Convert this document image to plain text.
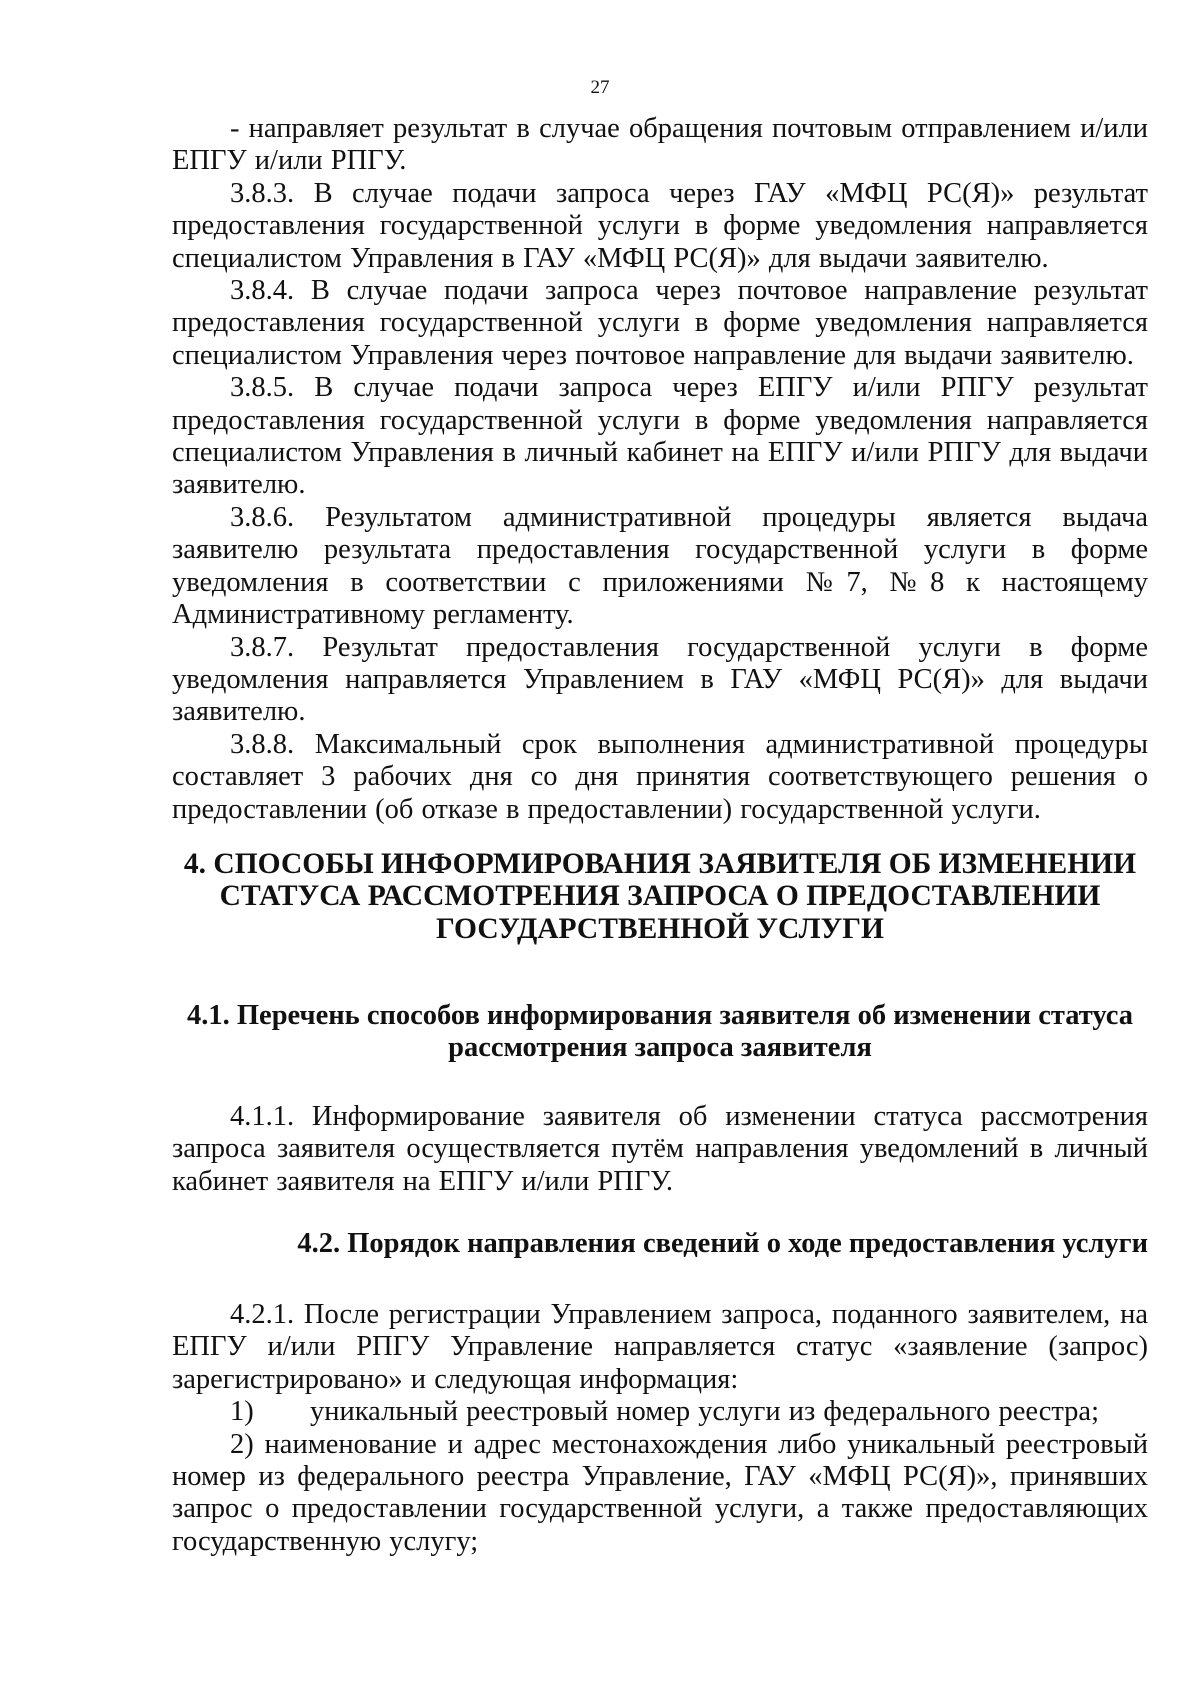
27

- направляет результат в случае обращения почтовым отправлением и/или ЕПГУ и/или РПГУ.

3.8.3. В случае подачи запроса через ГАУ «МФЦ РС(Я)» результат предоставления государственной услуги в форме уведомления направляется специалистом Управления в ГАУ «МФЦ РС(Я)» для выдачи заявителю.

3.8.4. В случае подачи запроса через почтовое направление результат предоставления государственной услуги в форме уведомления направляется специалистом Управления через почтовое направление для выдачи заявителю.

3.8.5. В случае подачи запроса через ЕПГУ и/или РПГУ результат предоставления государственной услуги в форме уведомления направляется специалистом Управления в личный кабинет на ЕПГУ и/или РПГУ для выдачи заявителю.

3.8.6. Результатом административной процедуры является выдача заявителю результата предоставления государственной услуги в форме уведомления в соответствии с приложениями №7, №8 к настоящему Административному регламенту.

3.8.7. Результат предоставления государственной услуги в форме уведомления направляется Управлением в ГАУ «МФЦ РС(Я)» для выдачи заявителю.

3.8.8. Максимальный срок выполнения административной процедуры составляет 3 рабочих дня со дня принятия соответствующего решения о предоставлении (об отказе в предоставлении) государственной услуги.

4. СПОСОБЫ ИНФОРМИРОВАНИЯ ЗАЯВИТЕЛЯ ОБ ИЗМЕНЕНИИ
СТАТУСА РАССМОТРЕНИЯ ЗАПРОСА О ПРЕДОСТАВЛЕНИИ
ГОСУДАРСТВЕННОЙ УСЛУГИ
4.1. Перечень способов информирования заявителя об изменении статуса
рассмотрения запроса заявителя

4.1.1. Информирование заявителя об изменении статуса рассмотрения запроса заявителя осуществляется путём направления уведомлений в личный кабинет заявителя на ЕПГУ и/или РПГУ.

4.2. Порядок направления сведений о ходе предоставления услуги

4.2.1. После регистрации Управлением запроса, поданного заявителем, на ЕПГУ и/или РПГУ Управление направляется статус «заявление (запрос) зарегистрировано» и следующая информация:

1) уникальный реестровый номер услуги из федерального реестра;

2) наименование и адрес местонахождения либо уникальный реестровый номер из федерального реестра Управление, ГАУ «МФЦ РС(Я)», принявших запрос о предоставлении государственной услуги, а также предоставляющих государственную услугу;
